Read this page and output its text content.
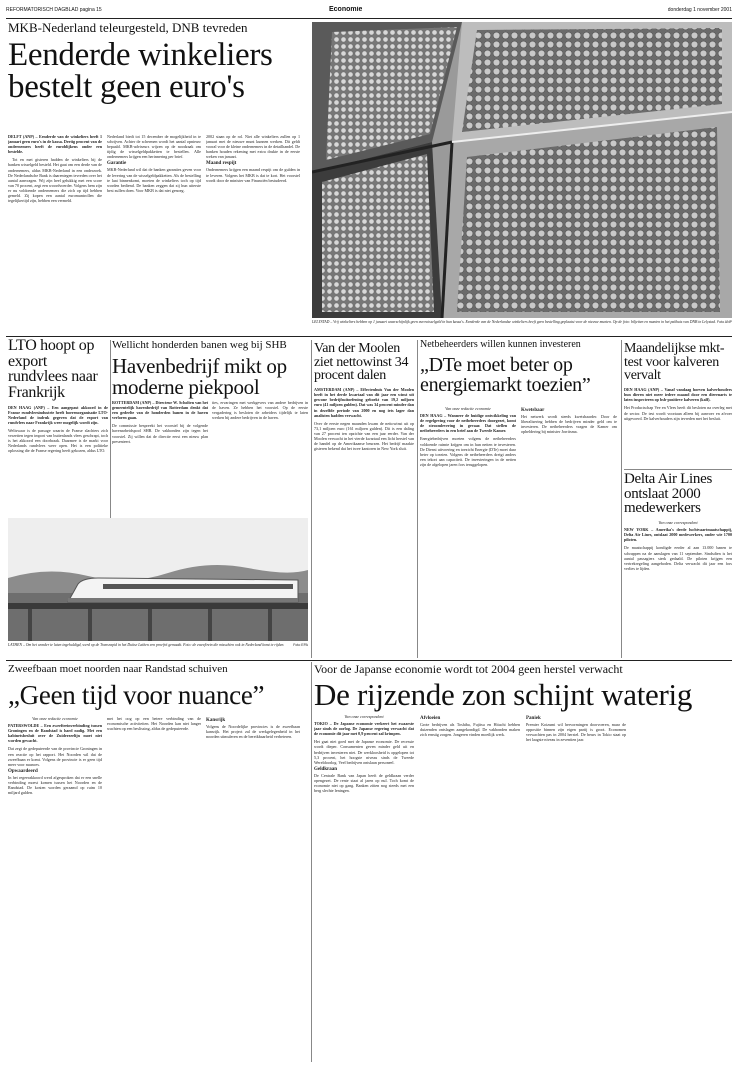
REFORMATORISCH DAGBLAD pagina 15	Economie	donderdag 1 november 2001
MKB-Nederland teleurgesteld, DNB tevreden
Eenderde winkeliers bestelt geen euro's
DELFT (ANP) – Eenderde van de winkeliers heeft 1 januari geen euro's in de kassa. Dertig procent van de ondernemers heeft de euroblijkens onder een bestelde.

Tot en met gisteren hadden de winkeliers bij de banken wisselgeld besteld. Het gaat om een derde van de ondernemers, aldus MKB-Nederland in een onderzoek. De Nederlandsche Bank is daarentegen tevreden over het aantal aanvragen. Wij zijn heel gelukkig met een score van 70 procent, zegt een woordvoerder. Volgens hem zijn er nu voldoende ondernemers die zich op tijd hebben gemeld. Zij kopen een aantal euromuntrollen die tegelijkertijd zijn, hebben een vermeld.

Nederland biedt tot 15 december de mogelijkheid in te schrijven. Achter de schermen wordt het aantal opnieuw bepaald. MKB-adviseurs wijzen op de noodzaak om tijdig de wisselgeldpakketten te bestellen. Alle ondernemers krijgen een herinnering per brief.

Garantie

MKB-Nederland wil dat de banken garanties geven voor de levering van de wisselgeldpakketten. Als de bestelling te laat binnenkomt, moeten de winkeliers toch op tijd worden bediend. De banken zeggen dat zij hun uiterste best zullen doen. Voor MKB is dat niet genoeg.

2002 staan op de rol. Niet alle winkeliers zullen op 1 januari met de nieuwe munt kunnen werken. Dit geldt vooral voor de kleine ondernemers in de detailhandel. De banken houden rekening met extra drukte in de eerste weken van januari.

Maand respijt

Ondernemers krijgen een maand respijt om de gulden in te leveren. Volgens het MKB is dat te kort. Het voorstel wordt door de minister van Financiën bestudeerd.

LELYSTAD – Vrij winkeliers hebben op 1 januari waarschijnlijk geen eurowisselgeld in hun kassa's. Eenderde van de Nederlandse winkeliers heeft geen bestelling geplaatst voor de nieuwe munten. Op de foto: biljetten en munten in het pakhuis van DNB in Lelystad. Foto ANP
LTO hoopt op export rundvlees naar Frankrijk
DEN HAAG (ANP) – Een aangepast akkoord in de Franse rundvleesindustrie heeft boerenorganisatie LTO-Nederland de indruk gegeven dat de export van rundvlees naar Frankrijk weer mogelijk wordt zijn.

Weliswaar is de passage waarin de Franse slachters zich verzetten tegen import van buitenlands vlees geschrapt, toch is het akkoord een doorbraak. Daarmee is de markt voor Nederlands rundvlees weer open. Het is een politieke oplossing die de Franse regering heeft gekozen, aldus LTO.

Wellicht honderden banen weg bij SHB
Havenbedrijf mikt op moderne piekpool
ROTTERDAM (ANP) – Directeur W. Scholten van het gemeentelijk havenbedrijf van Rotterdam denkt dat een gedeelte van de honderden banen in de haven verloren gaan.

De commissie bespreekt het voorstel bij de volgende havenarbeidspool SHB. De vakbonden zijn tegen het voorstel. Zij willen dat de directie eerst een nieuw plan presenteert.

ties, ervaringen met werkgevers van andere bedrijven in de haven. Ze hebben het voorstel. Op de eerste vergadering is besloten de arbeiders tijdelijk te laten werken bij andere bedrijven in de haven.

LATHEN – Om het wonder te laten ingehuldigd, werd op de Transrapid in het Duitse Lathen een proefrit gemaakt. Foto: de zweeftrein die misschien ook in Nederland komt te rijden.	Foto EPA
Van der Moolen ziet nettowinst 34 procent dalen
AMSTERDAM (ANP) – Effectenhuis Van der Moolen heeft in het derde kwartaal van dit jaar een winst uit gewone bedrijfsuitoefening geboekt van 19,2 miljoen euro (41 miljoen gulden). Dat was 34 procent minder dan in dezelfde periode van 2000 en nog iets lager dan analisten hadden verwacht.

Over de eerste negen maanden kwam de nettowinst uit op 73,1 miljoen euro (161 miljoen gulden). Dit is een daling van 27 procent ten opzichte van een jaar eerder. Van der Moolen verwacht in het vierde kwartaal een licht herstel van de handel op de Amerikaanse beurzen. Het bedrijf maakte gisteren bekend dat het twee kantoren in New York sluit.

Netbeheerders willen kunnen investeren
„DTe moet beter op energiemarkt toezien”
Van onze redactie economie
DEN HAAG – Wanneer de huidige ontwikkeling van de regelgeving voor de netbeheerders doorgezet, komt de stroomlevering in gevaar. Dat stellen de netbeheerders in een brief aan de Tweede Kamer.

Energiebedrijven moeten volgens de netbeheerders voldoende ruimte krijgen om in hun netten te investeren. De Dienst uitvoering en toezicht Energie (DTe) moet daar beter op toezien. Volgens de netbeheerders dreigt anders een tekort aan capaciteit. De investeringen in de netten zijn de afgelopen jaren fors teruggelopen.

Kwetsbaar

Het netwerk wordt steeds kwetsbaarder. Door de liberalisering hebben de bedrijven minder geld om te investeren. De netbeheerders vragen de Kamer om opheldering bij minister Jorritsma.

Maandelijkse mkt-test voor kalveren vervalt
DEN HAAG (ANP) – Vanaf vandaag hoeven kalverhouders hun dieren niet meer iedere maand door een dierenarts te laten inspecteren op bsb-positieve kalveren (kalf).

Het Productschap Vee en Vlees heeft dit besloten na overleg met de sector. De test wordt voortaan alleen bij aanvoer en afvoer uitgevoerd. De kalverhouders zijn tevreden met het besluit.

Delta Air Lines ontslaat 2000 medewerkers
Van onze correspondent
NEW YORK – Amerika's derde luchtvaartmaatschappij, Delta Air Lines, ontslaat 2000 medewerkers, onder wie 1700 piloten.

De maatschappij kondigde eerder al aan 13.000 banen te schrappen na de aanslagen van 11 september. Sindsdien is het aantal passagiers sterk gedaald. De piloten krijgen een vertrekregeling aangeboden. Delta verwacht dit jaar een fors verlies te lijden.

Zweefbaan moet noorden naar Randstad schuiven
„Geen tijd voor nuance”
Van onze redactie economie
PATERSWOLDE – Een zweeftreinverbinding tussen Groningen en de Randstad is hard nodig. Met een kabinetsbesluit over de Zuiderzeelijn moet niet worden gewacht.

Dat zegt de gedeputeerde van de provincie Groningen in een reactie op het rapport. Het Noorden wil dat de zweefbaan er komt. Volgens de provincie is er geen tijd meer voor nuances.

Opwaardeerd

In het regeerakkoord werd afgesproken dat er een snelle verbinding moest komen tussen het Noorden en de Randstad. De kosten worden geraamd op ruim 10 miljard gulden.

met het oog op een betere verbinding van de economische activiteiten. Het Noorden kan niet langer wachten op een beslissing, aldus de gedeputeerde.

Kansrijk

Volgens de Noordelijke provincies is de zweefbaan kansrijk. Het project zal de werkgelegenheid in het noorden stimuleren en de bereikbaarheid verbeteren.

Voor de Japanse economie wordt tot 2004 geen herstel verwacht
De rijzende zon schijnt waterig
Van onze correspondent
TOKIO – De Japanse economie verkeert het zwaarste jaar sinds de oorlog. De Japanse regering verwacht dat de economie dit jaar met 0,9 procent zal krimpen.

Het gaat niet goed met de Japanse economie. De recessie wordt dieper. Consumenten geven minder geld uit en bedrijven investeren niet. De werkloosheid is opgelopen tot 5,3 procent, het hoogste niveau sinds de Tweede Wereldoorlog. Veel bedrijven ontslaan personeel.

Geldkraan

De Centrale Bank van Japan heeft de geldkraan verder opengezet. De rente staat al jaren op nul. Toch komt de economie niet op gang. Banken zitten nog steeds met een berg slechte leningen.

Afvloeien

Grote bedrijven als Toshiba, Fujitsu en Hitachi hebben duizenden ontslagen aangekondigd. De vakbonden maken zich ernstig zorgen. Jongeren vinden moeilijk werk.

Paniek

Premier Koizumi wil hervormingen doorvoeren, maar de oppositie binnen zijn eigen partij is groot. Economen verwachten pas in 2004 herstel. De beurs in Tokio staat op het laagste niveau in zeventien jaar.
